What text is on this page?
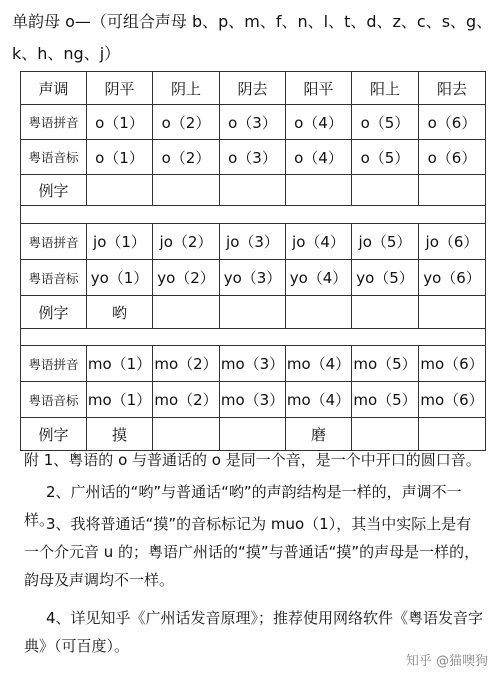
单韵母 o—（可组合声母 b、p、m、f、n、l、t、d、z、c、s、g、
k、h、ng、j）
声调	阴平	阴上	阴去	阳平	阳上	阳去
粤语拼音	o（1）	o（2）	o（3）	o（4）	o（5）	o（6）
粤语音标	o（1）	o（2）	o（3）	o（4）	o（5）	o（6）
例字						

粤语拼音	jo（1）	jo（2）	jo（3）	jo（4）	jo（5）	jo（6）
粤语音标	yo（1）	yo（2）	yo（3）	yo（4）	yo（5）	yo（6）
例字	哟					

粤语拼音	mo（1）	mo（2）	mo（3）	mo（4）	mo（5）	mo（6）
粤语音标	mo（1）	mo（2）	mo（3）	mo（4）	mo（5）	mo（6）
例字	摸			磨		
附 1、粤语的 o 与普通话的 o 是同一个音，是一个中开口的圆口音。
2、广州话的“哟”与普通话“哟”的声韵结构是一样的，声调不一样。
3、我将普通话“摸”的音标标记为 muo（1），其当中实际上是有一个介元音 u 的；粤语广州话的“摸”与普通话“摸”的声母是一样的，韵母及声调均不一样。
4、详见知乎《广州话发音原理》；推荐使用网络软件《粤语发音字典》（可百度）。
知乎 @猫噢狗
